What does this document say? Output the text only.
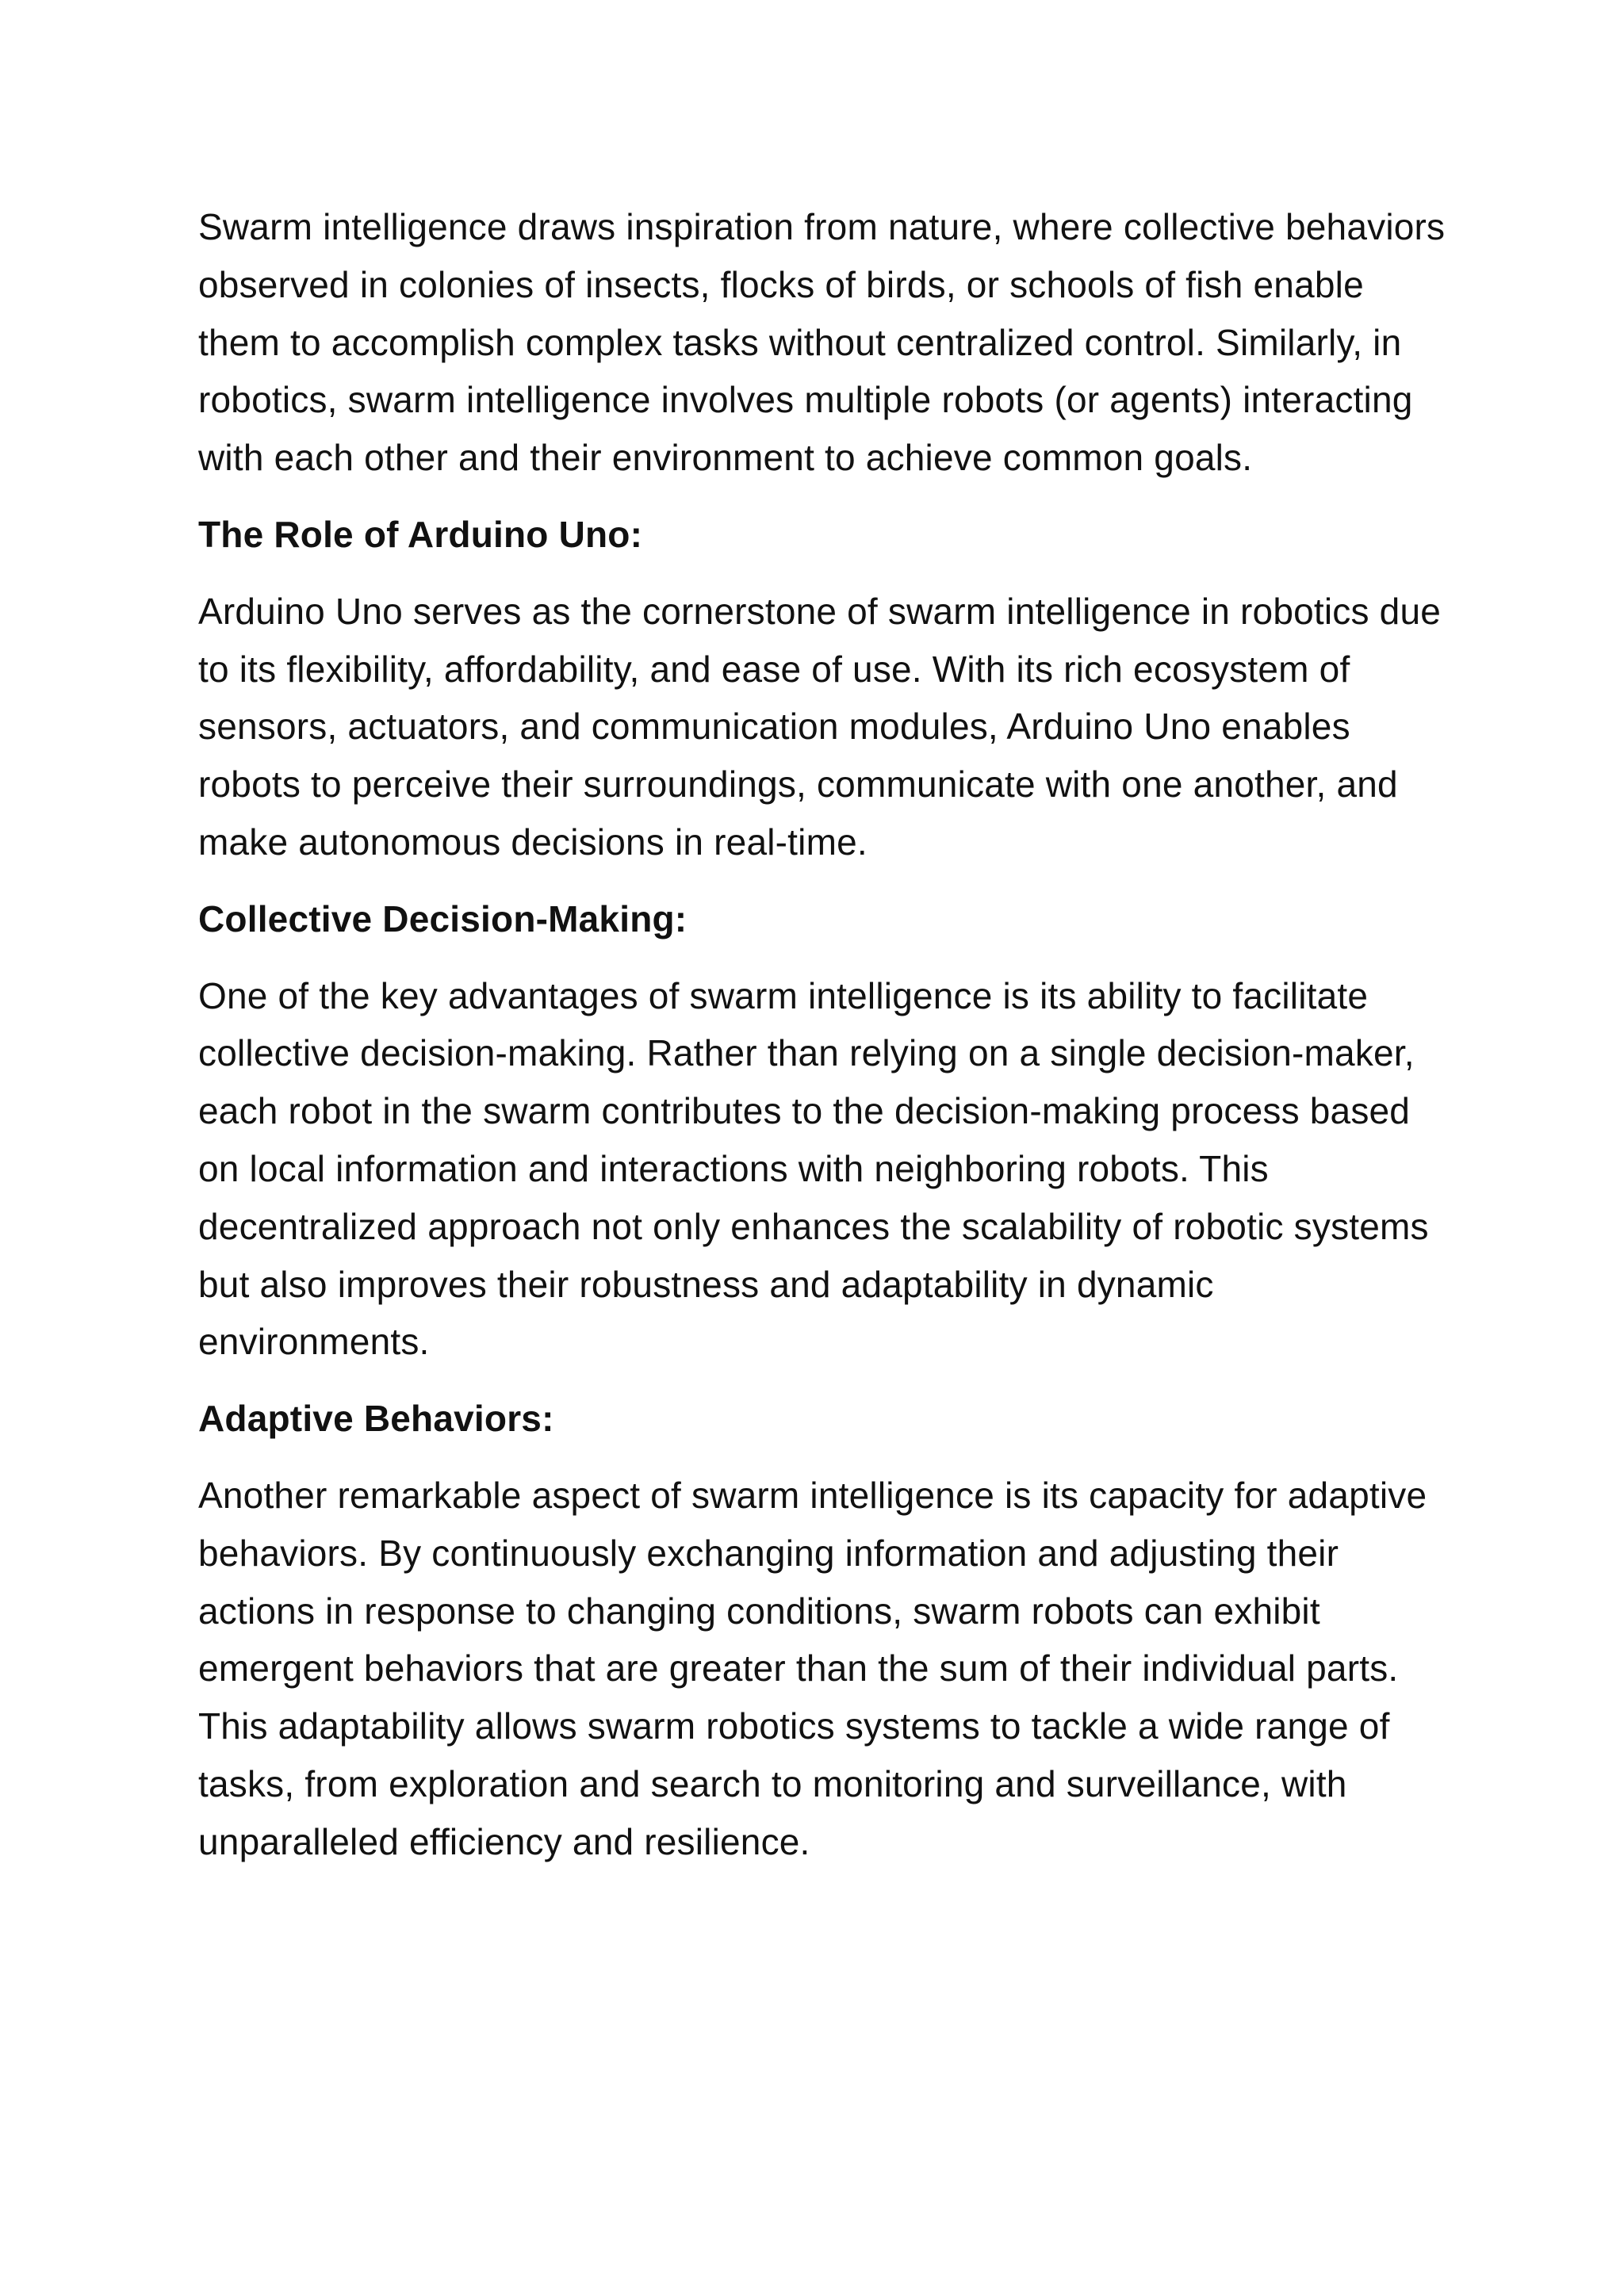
Swarm intelligence draws inspiration from nature, where collective behaviors observed in colonies of insects, flocks of birds, or schools of fish enable them to accomplish complex tasks without centralized control. Similarly, in robotics, swarm intelligence involves multiple robots (or agents) interacting with each other and their environment to achieve common goals.

The Role of Arduino Uno:

Arduino Uno serves as the cornerstone of swarm intelligence in robotics due to its flexibility, affordability, and ease of use. With its rich ecosystem of sensors, actuators, and communication modules, Arduino Uno enables robots to perceive their surroundings, communicate with one another, and make autonomous decisions in real-time.

Collective Decision-Making:

One of the key advantages of swarm intelligence is its ability to facilitate collective decision-making. Rather than relying on a single decision-maker, each robot in the swarm contributes to the decision-making process based on local information and interactions with neighboring robots. This decentralized approach not only enhances the scalability of robotic systems but also improves their robustness and adaptability in dynamic environments.

Adaptive Behaviors:

Another remarkable aspect of swarm intelligence is its capacity for adaptive behaviors. By continuously exchanging information and adjusting their actions in response to changing conditions, swarm robots can exhibit emergent behaviors that are greater than the sum of their individual parts. This adaptability allows swarm robotics systems to tackle a wide range of tasks, from exploration and search to monitoring and surveillance, with unparalleled efficiency and resilience.
